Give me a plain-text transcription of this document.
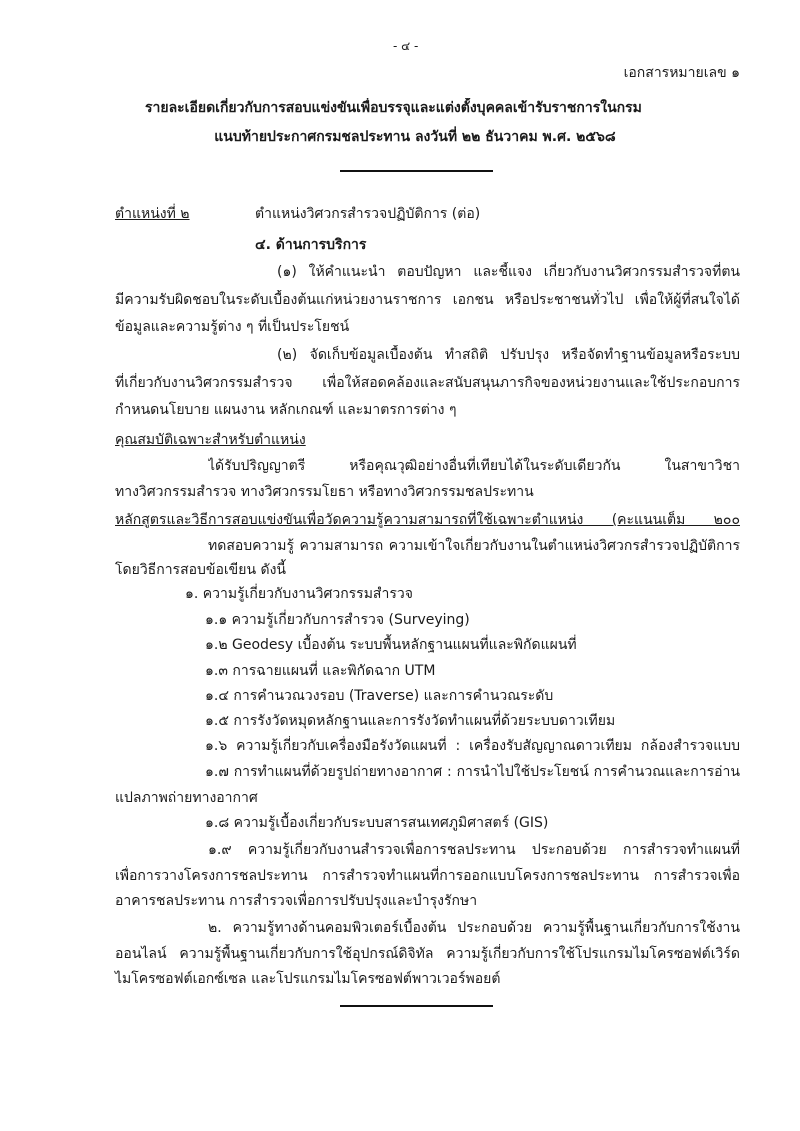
- ๔ -
เอกสารหมายเลข ๑
รายละเอียดเกี่ยวกับการสอบแข่งขันเพื่อบรรจุและแต่งตั้งบุคคลเข้ารับราชการในกรม
แนบท้ายประกาศกรมชลประทาน ลงวันที่ ๒๒ ธันวาคม พ.ศ. ๒๕๖๘
ตำแหน่งที่ ๒	ตำแหน่งวิศวกรสำรวจปฏิบัติการ (ต่อ)
๔. ด้านการบริการ
(๑) ให้คำแนะนำ ตอบปัญหา และชี้แจง เกี่ยวกับงานวิศวกรรมสำรวจที่ตน
มีความรับผิดชอบในระดับเบื้องต้นแก่หน่วยงานราชการ เอกชน หรือประชาชนทั่วไป เพื่อให้ผู้ที่สนใจได้
ข้อมูลและความรู้ต่าง ๆ ที่เป็นประโยชน์
(๒) จัดเก็บข้อมูลเบื้องต้น ทำสถิติ ปรับปรุง หรือจัดทำฐานข้อมูลหรือระบบ
ที่เกี่ยวกับงานวิศวกรรมสำรวจ เพื่อให้สอดคล้องและสนับสนุนภารกิจของหน่วยงานและใช้ประกอบการ
กำหนดนโยบาย แผนงาน หลักเกณฑ์ และมาตรการต่าง ๆ
คุณสมบัติเฉพาะสำหรับตำแหน่ง
ได้รับปริญญาตรี หรือคุณวุฒิอย่างอื่นที่เทียบได้ในระดับเดียวกัน ในสาขาวิชา
ทางวิศวกรรมสำรวจ ทางวิศวกรรมโยธา หรือทางวิศวกรรมชลประทาน
หลักสูตรและวิธีการสอบแข่งขันเพื่อวัดความรู้ความสามารถที่ใช้เฉพาะตำแหน่ง (คะแนนเต็ม ๒๐๐
ทดสอบความรู้ ความสามารถ ความเข้าใจเกี่ยวกับงานในตำแหน่งวิศวกรสำรวจปฏิบัติการ
โดยวิธีการสอบข้อเขียน ดังนี้
๑. ความรู้เกี่ยวกับงานวิศวกรรมสำรวจ
๑.๑ ความรู้เกี่ยวกับการสำรวจ (Surveying)
๑.๒ Geodesy เบื้องต้น ระบบพื้นหลักฐานแผนที่และพิกัดแผนที่
๑.๓ การฉายแผนที่ และพิกัดฉาก UTM
๑.๔ การคำนวณวงรอบ (Traverse) และการคำนวณระดับ
๑.๕ การรังวัดหมุดหลักฐานและการรังวัดทำแผนที่ด้วยระบบดาวเทียม
๑.๖ ความรู้เกี่ยวกับเครื่องมือรังวัดแผนที่ : เครื่องรับสัญญาณดาวเทียม กล้องสำรวจแบบ
๑.๗ การทำแผนที่ด้วยรูปถ่ายทางอากาศ : การนำไปใช้ประโยชน์ การคำนวณและการอ่าน
แปลภาพถ่ายทางอากาศ
๑.๘ ความรู้เบื้องเกี่ยวกับระบบสารสนเทศภูมิศาสตร์ (GIS)
๑.๙ ความรู้เกี่ยวกับงานสำรวจเพื่อการชลประทาน ประกอบด้วย การสำรวจทำแผนที่
เพื่อการวางโครงการชลประทาน การสำรวจทำแผนที่การออกแบบโครงการชลประทาน การสำรวจเพื่อ
อาคารชลประทาน การสำรวจเพื่อการปรับปรุงและบำรุงรักษา
๒. ความรู้ทางด้านคอมพิวเตอร์เบื้องต้น ประกอบด้วย ความรู้พื้นฐานเกี่ยวกับการใช้งาน
ออนไลน์ ความรู้พื้นฐานเกี่ยวกับการใช้อุปกรณ์ดิจิทัล ความรู้เกี่ยวกับการใช้โปรแกรมไมโครซอฟต์เวิร์ด
ไมโครซอฟต์เอกซ์เซล และโปรแกรมไมโครซอฟต์พาวเวอร์พอยต์
